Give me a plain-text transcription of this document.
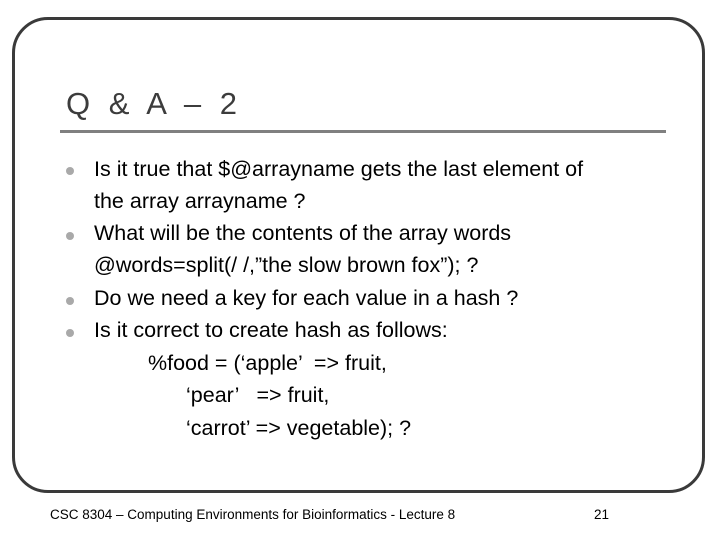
Q & A – 2
Is it true that $@arrayname gets the last element of
the array arrayname ?
What will be the contents of the array words
@words=split(/ /,”the slow brown fox”); ?
Do we need a key for each value in a hash ?
Is it correct to create hash as follows:
%food = (‘apple’  => fruit,
‘pear’   => fruit,
‘carrot’ => vegetable); ?
CSC 8304 – Computing Environments for Bioinformatics - Lecture 8	21
